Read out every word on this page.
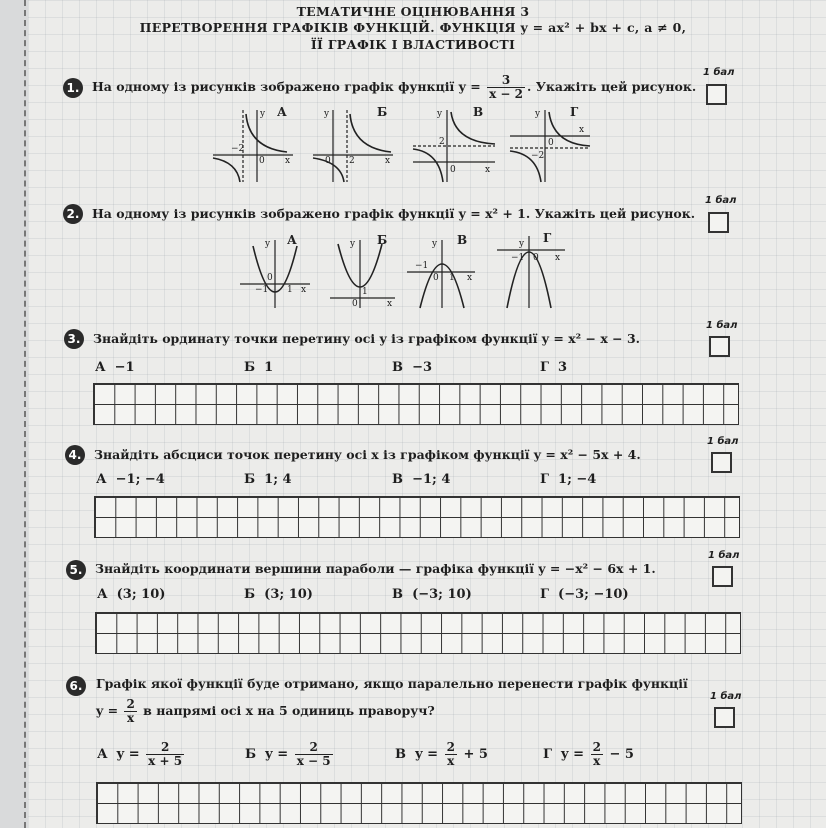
ТЕМАТИЧНЕ ОЦІНЮВАННЯ 3
ПЕРЕТВОРЕННЯ ГРАФІКІВ ФУНКЦІЙ. ФУНКЦІЯ y = ax² + bx + c, a ≠ 0,
ЇЇ ГРАФІК І ВЛАСТИВОСТІ
1. На одному із рисунків зображено графік функції $y = \frac{3}{x - 2}$ . Укажіть цей рисунок.
1 бал
y А
−2
0 x
y	Б
0 2	x
y	В
2
0	x
y Г
x
0
−2
2. На одному із рисунків зображено графік функції y = x² + 1. Укажіть цей рисунок.
1 бал
y А
0
−1 1 x
y Б
1
0	x
y В
−1
0 1 x
y Г
−1 0 x
3. Знайдіть ординату точки перетину осі y із графіком функції y = x² − x − 3.
1 бал
А −1	Б 1	В −3	Г 3
4. Знайдіть абсциси точок перетину осі x із графіком функції y = x² − 5x + 4.
1 бал
А −1; −4	Б 1; 4	В −1; 4	Г 1; −4
5. Знайдіть координати вершини параболи — графіка функції y = −x² − 6x + 1.
1 бал
А (3; 10)	Б (3; 10)	В (−3; 10)	Г (−3; −10)
6. Графік якої функції буде отримано, якщо паралельно перенести графік функції
$y = \frac{2}{x}$ в напрямі осі x на 5 одиниць праворуч?
1 бал
А $y = \frac{2}{x + 5}$	Б $y = \frac{2}{x - 5}$	В $y = \frac{2}{x} + 5$	Г $y = \frac{2}{x} - 5$
